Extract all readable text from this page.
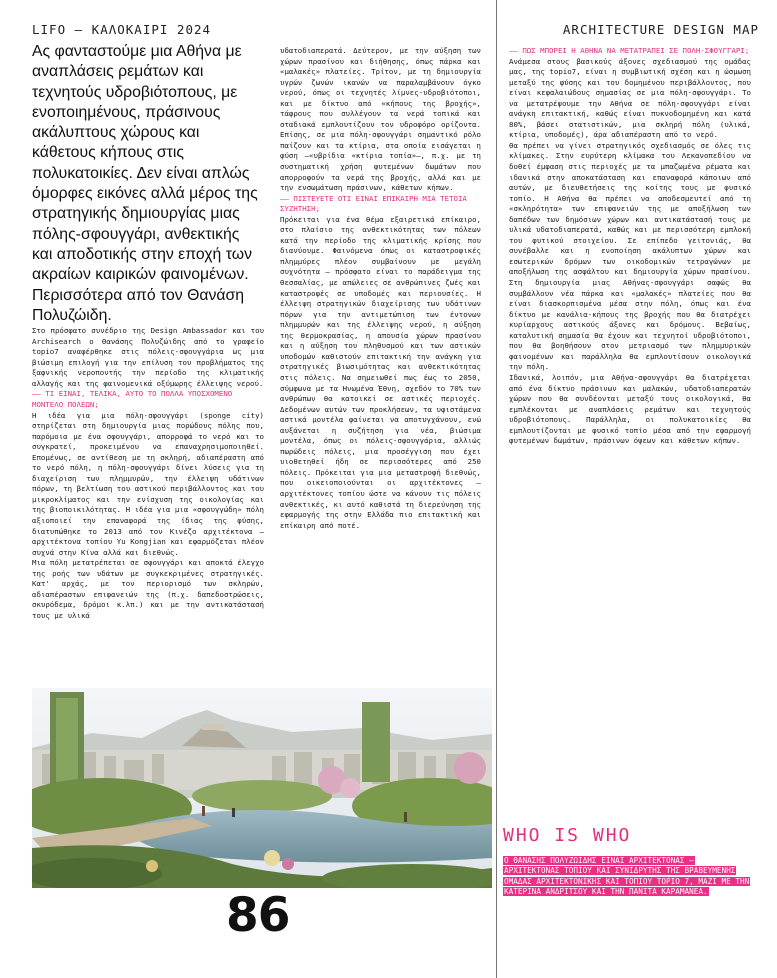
LIFO — ΚΑΛΟΚΑΙΡΙ 2024	ARCHITECTURE DESIGN MAP

Ας φανταστούμε μια Αθήνα με αναπλάσεις ρεμάτων και τεχνητούς υδροβιότοπους, με ενοποιημένους, πράσινους ακάλυπτους χώρους και κάθετους κήπους στις πολυκατοικίες. Δεν είναι απλώς όμορφες εικόνες αλλά μέρος της στρατηγικής δημιουργίας μιας πόλης-σφουγγάρι, ανθεκτικής και αποδοτικής στην εποχή των ακραίων καιρικών φαινομένων. Περισσότερα από τον Θανάση Πολυζώιδη.

Στο πρόσφατο συνέδριο της Design Ambassador και του Archisearch ο Θανάσης Πολυζώιδης από το γραφείο topio7 αναφέρθηκε στις πόλεις-σφουγγάρια ως μια βιώσιμη επιλογή για την επίλυση του προβλήματος της ξαφνικής νεροποντής την περίοδο της κλιματικής αλλαγής και της φαινομενικά οξύμωρης έλλειψης νερού.

—— ΤΙ ΕΙΝΑΙ, ΤΕΛΙΚΑ, ΑΥΤΟ ΤΟ ΠΟΛΛΑ ΥΠΟΣΧΟΜΕΝΟ ΜΟΝΤΕΛΟ ΠΟΛΕΩΝ;

Η ιδέα για μια πόλη-σφουγγάρι (sponge city) στηρίζεται στη δημιουργία μιας πορώδους πόλης που, παρόμοια με ένα σφουγγάρι, απορροφά το νερό και το συγκρατεί, προκειμένου να επαναχρησιμοποιηθεί. Επομένως, σε αντίθεση με τη σκληρή, αδιαπέραστη από το νερό πόλη, η πόλη-σφουγγάρι δίνει λύσεις για τη διαχείριση των πλημμυρών, την έλλειψη υδάτινων πόρων, τη βελτίωση του αστικού περιβάλλοντος και του μικροκλίματος και την ενίσχυση της οικολογίας και της βιοποικιλότητας. Η ιδέα για μια «σφουγγώδη» πόλη αξιοποιεί την επαναφορά της ίδιας της φύσης, διατυπώθηκε το 2013 από τον Κινέζο αρχιτέκτονα – αρχιτέκτονα τοπίου Yu Kongjian και εφαρμόζεται πλέον συχνά στην Κίνα αλλά και διεθνώς.

Μια πόλη μετατρέπεται σε σφουγγάρι και αποκτά έλεγχο της ροής των υδάτων με συγκεκριμένες στρατηγικές. Κατ' αρχάς, με τον περιορισμό των σκληρών, αδιαπέραστων επιφανειών της (π.χ. δαπεδοστρώσεις, σκυρόδεμα, δρόμοι κ.λπ.) και με την αντικατάστασή τους με υλικά

υδατοδιαπερατά. Δεύτερον, με την αύξηση των χώρων πρασίνου και διήθησης, όπως πάρκα και «μαλακές» πλατείες. Τρίτον, με τη δημιουργία υγρών ζωνών ικανών να παραλαμβάνουν όγκο νερού, όπως οι τεχνητές λίμνες-υδροβιότοποι, και με δίκτυο από «κήπους της βροχής», τάφρους που συλλέγουν τα νερά τοπικά και σταδιακά εμπλουτίζουν τον υδροφόρο ορίζοντα. Επίσης, σε μια πόλη-σφουγγάρι σημαντικό ρόλο παίζουν και τα κτίρια, στα οποία εισάγεται η φύση –«υβρίδια «κτίρια τοπία»–, π.χ. με τη συστηματική χρήση φυτεμένων δωμάτων που απορροφούν τα νερά της βροχής, αλλά και με την ενσωμάτωση πράσινων, κάθετων κήπων.

—— ΠΙΣΤΕΥΕΤΕ ΟΤΙ ΕΙΝΑΙ ΕΠΙΚΑΙΡΗ ΜΙΑ ΤΕΤΟΙΑ ΣΥΖΗΤΗΣΗ;

Πρόκειται για ένα θέμα εξαιρετικά επίκαιρο, στο πλαίσιο της ανθεκτικότητας των πόλεων κατά την περίοδο της κλιματικής κρίσης που διανύουμε. Φαινόμενα όπως οι καταστροφικές πλημμύρες πλέον συμβαίνουν με μεγάλη συχνότητα – πρόσφατο είναι το παράδειγμα της Θεσσαλίας, με απώλειες σε ανθρώπινες ζωές και καταστροφές σε υποδομές και περιουσίες. Η έλλειψη στρατηγικών διαχείρισης των υδάτινων πόρων για την αντιμετώπιση των έντονων πλημμυρών και της έλλειψης νερού, η αύξηση της θερμοκρασίας, η απουσία χώρων πρασίνου και η αύξηση του πληθυσμού και των αστικών υποδομών καθιστούν επιτακτική την ανάγκη για στρατηγικές βιωσιμότητας και ανθεκτικότητας στις πόλεις. Να σημειωθεί πως έως το 2050, σύμφωνα με τα Ηνωμένα Έθνη, σχεδόν το 70% των ανθρώπων θα κατοικεί σε αστικές περιοχές. Δεδομένων αυτών των προκλήσεων, τα υφιστάμενα αστικά μοντέλα φαίνεται να αποτυγχάνουν, ενώ αυξάνεται η συζήτηση για νέα, βιώσιμα μοντέλα, όπως οι πόλεις-σφουγγάρια, αλλιώς πωρώδεις πόλεις, μια προσέγγιση που έχει υιοθετηθεί ήδη σε περισσότερες από 250 πόλεις. Πρόκειται για μια μεταστροφή διεθνώς, που οικειοποιούνται οι αρχιτέκτονες – αρχιτέκτονες τοπίου ώστε να κάνουν τις πόλεις ανθεκτικές, κι αυτό καθιστά τη διερεύνηση της εφαρμογής της στην Ελλάδα πιο επιτακτική και επίκαιρη από ποτέ.

—— ΠΩΣ ΜΠΟΡΕΙ Η ΑΘΗΝΑ ΝΑ ΜΕΤΑΤΡΑΠΕΙ ΣΕ ΠΟΛΗ-ΣΦΟΥΓΓΑΡΙ;

Ανάμεσα στους βασικούς άξονες σχεδιασμού της ομάδας μας, της topio7, είναι η συμβιωτική σχέση και η ώσμωση μεταξύ της φύσης και του δομημένου περιβάλλοντος, που είναι κεφαλαιώδους σημασίας σε μια πόλη-σφουγγάρι. Το να μετατρέψουμε την Αθήνα σε πόλη-σφουγγάρι είναι ανάγκη επιτακτική, καθώς είναι πυκνοδομημένη και κατά 80%, βάσει στατιστικών, μια σκληρή πόλη (υλικά, κτίρια, υποδομές), άρα αδιαπέραστη από το νερό.

Θα πρέπει να γίνει στρατηγικός σχεδιασμός σε όλες τις κλίμακες. Στην ευρύτερη κλίμακα του Λεκανοπεδίου να δοθεί έμφαση στις περιοχές με τα μπαζωμένα ρέματα και ιδανικά στην αποκατάσταση και επαναφορά κάποιων από αυτών, με διευθετήσεις της κοίτης τους με φυσικό τοπίο. Η Αθήνα θα πρέπει να αποδεσμευτεί από τη «σκληρότητα» των επιφανειών της με αποξήλωση των δαπέδων των δημόσιων χώρων και αντικατάστασή τους με υλικά υδατοδιαπερατά, καθώς και με περισσότερη εμπλοκή του φυτικού στοιχείου. Σε επίπεδο γειτονιάς, θα συνέβαλλε και η ενοποίηση ακάλυπτων χώρων και εσωτερικών δρόμων των οικοδομικών τετραγώνων με αποξήλωση της ασφάλτου και δημιουργία χώρων πρασίνου. Στη δημιουργία μιας Αθήνας-σφουγγάρι σαφώς θα συμβάλλουν νέα πάρκα και «μαλακές» πλατείες που θα είναι διασκορπισμένα μέσα στην πόλη, όπως και ένα δίκτυο με κανάλια-κήπους της βροχής που θα διατρέχει κυρίαρχους αστικούς άξονες και δρόμους. Βεβαίως, καταλυτική σημασία θα έχουν και τεχνητοί υδροβιότοποι, που θα βοηθήσουν στον μετριασμό των πλημμυρικών φαινομένων και παράλληλα θα εμπλουτίσουν οικολογικά την πόλη.

Ιδανικά, λοιπόν, μια Αθήνα-σφουγγάρι θα διατρέχεται από ένα δίκτυο πράσινων και μαλακών, υδατοδιαπερατών χώρων που θα συνδέονται μεταξύ τους οικολογικά, θα εμπλέκονται με αναπλάσεις ρεμάτων και τεχνητούς υδροβιότοπους. Παράλληλα, οι πολυκατοικίες θα εμπλουτίζονται με φυσικό τοπίο μέσα από την εφαρμογή φυτεμένων δωμάτων, πράσινων όψεων και κάθετων κήπων.

86
WHO IS WHO
Ο ΘΑΝΑΣΗΣ ΠΟΛΥΖΩΙΔΗΣ ΕΙΝΑΙ ΑΡΧΙΤΕΚΤΟΝΑΣ – ΑΡΧΙΤΕΚΤΟΝΑΣ ΤΟΠΙΟΥ ΚΑΙ ΣΥΝΙΔΡΥΤΗΣ ΤΗΣ ΒΡΑΒΕΥΜΕΝΗΣ ΟΜΑΔΑΣ ΑΡΧΙΤΕΚΤΟΝΙΚΗΣ ΚΑΙ ΤΟΠΙΟΥ TOPIO 7, ΜΑΖΙ ΜΕ ΤΗΝ ΚΑΤΕΡΙΝΑ ΑΝΔΡΙΤΣΟΥ ΚΑΙ ΤΗΝ ΠΑΝΙΤΑ ΚΑΡΑΜΑΝΕΑ.
